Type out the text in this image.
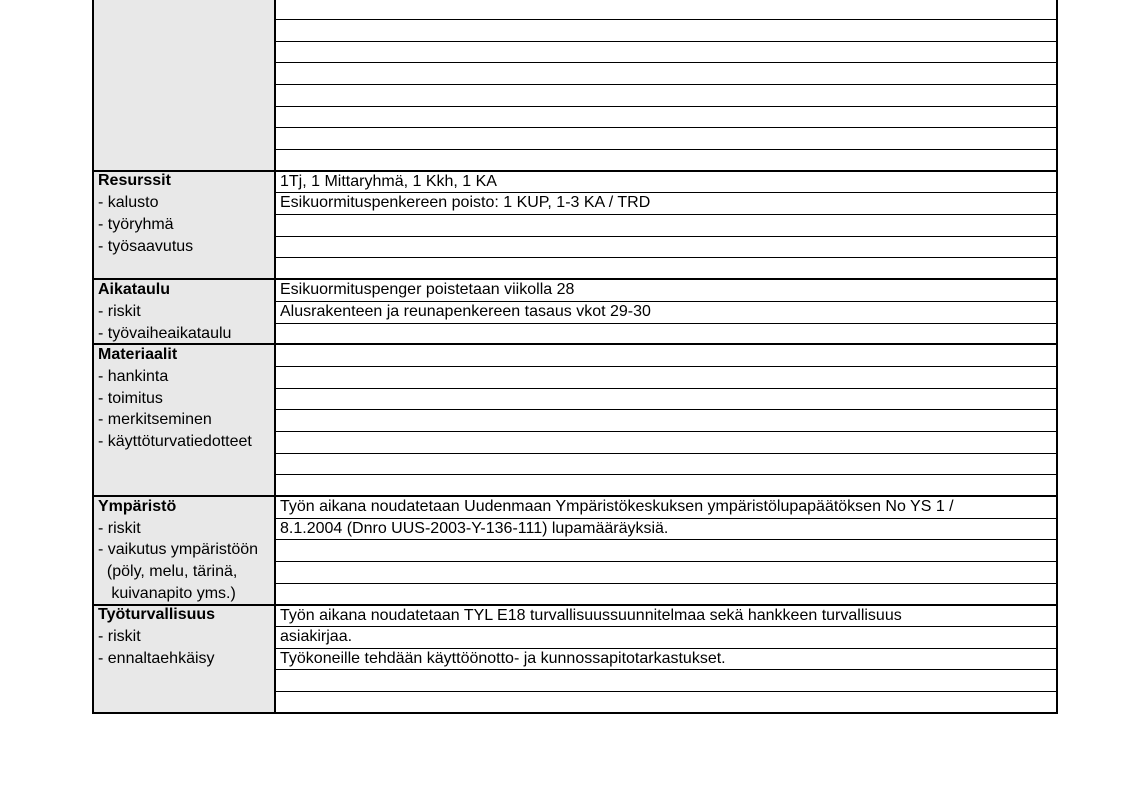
Resurssit
- kalusto
- työryhmä
- työsaavutus
Aikataulu
- riskit
- työvaiheaikataulu
Materiaalit
- hankinta
- toimitus
- merkitseminen
- käyttöturvatiedotteet
Ympäristö
- riskit
- vaikutus ympäristöön
(pöly, melu, tärinä,
kuivanapito yms.)
Työturvallisuus
- riskit
- ennaltaehkäisy
1Tj, 1 Mittaryhmä, 1 Kkh, 1 KA
Esikuormituspenkereen poisto: 1 KUP, 1-3 KA / TRD
Esikuormituspenger poistetaan viikolla 28
Alusrakenteen ja reunapenkereen tasaus vkot 29-30
Työn aikana noudatetaan Uudenmaan Ympäristökeskuksen ympäristölupapäätöksen No YS 1 /
8.1.2004 (Dnro UUS-2003-Y-136-111) lupamääräyksiä.
Työn aikana noudatetaan TYL E18 turvallisuussuunnitelmaa sekä hankkeen turvallisuus
asiakirjaa.
Työkoneille tehdään käyttöönotto- ja kunnossapitotarkastukset.
